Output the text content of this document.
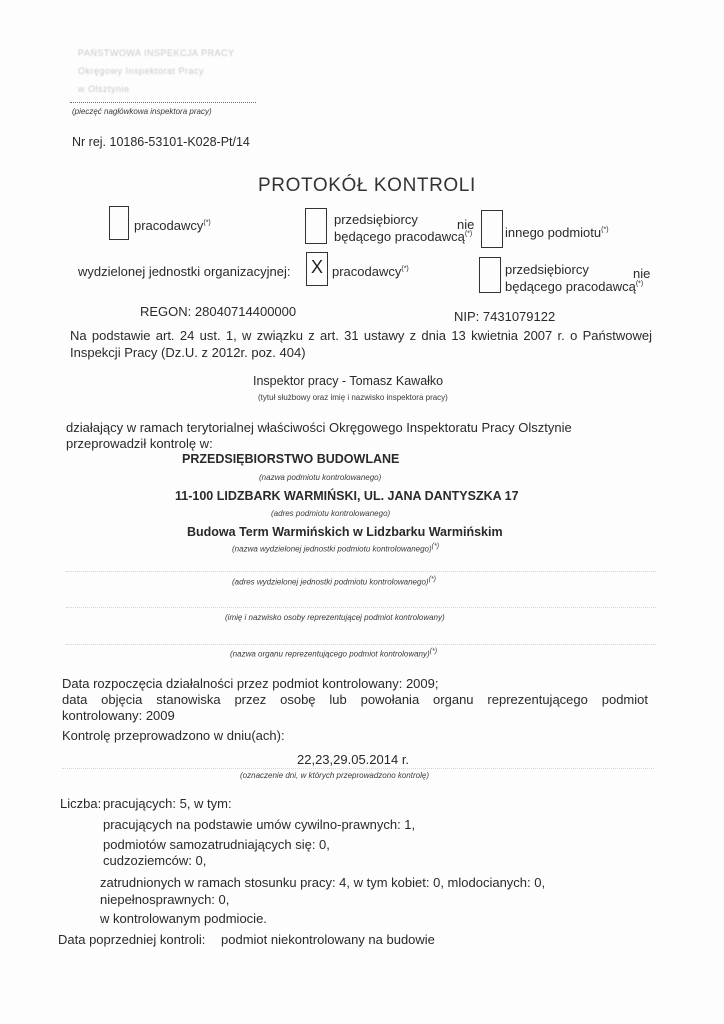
PAŃSTWOWA INSPEKCJA PRACY
Okręgowy Inspektorat Pracy
w Olsztynie
(pieczęć nagłówkowa inspektora pracy)
Nr rej. 10186-53101-K028-Pt/14
PROTOKÓŁ KONTROLI
pracodawcy(*)	przedsiębiorcy	nie
będącego pracodawcą(*)	innego podmiotu(*)
wydzielonej jednostki organizacyjnej: X pracodawcy(*)	przedsiębiorcy	nie
będącego pracodawcą(*)
REGON: 28040714400000	NIP: 7431079122
Na podstawie art. 24 ust. 1, w związku z art. 31 ustawy z dnia 13 kwietnia 2007 r. o Państwowej
Inspekcji Pracy (Dz.U. z 2012r. poz. 404)
Inspektor pracy - Tomasz Kawałko
(tytuł służbowy oraz imię i nazwisko inspektora pracy)
działający w ramach terytorialnej właściwości Okręgowego Inspektoratu Pracy Olsztynie
przeprowadził kontrolę w:
PRZEDSIĘBIORSTWO BUDOWLANE
(nazwa podmiotu kontrolowanego)
11-100 LIDZBARK WARMIŃSKI, UL. JANA DANTYSZKA 17
(adres podmiotu kontrolowanego)
Budowa Term Warmińskich w Lidzbarku Warmińskim
(nazwa wydzielonej jednostki podmiotu kontrolowanego)(*)
(adres wydzielonej jednostki podmiotu kontrolowanego)(*)
(imię i nazwisko osoby reprezentującej podmiot kontrolowany)
(nazwa organu reprezentującego podmiot kontrolowany)(*)
Data rozpoczęcia działalności przez podmiot kontrolowany: 2009;
data objęcia stanowiska przez osobę lub powołania organu reprezentującego podmiot
kontrolowany: 2009
Kontrolę przeprowadzono w dniu(ach):
22,23,29.05.2014 r.
(oznaczenie dni, w których przeprowadzono kontrolę)
Liczba: pracujących: 5, w tym:
pracujących na podstawie umów cywilno-prawnych: 1,
podmiotów samozatrudniających się: 0,
cudzoziemców: 0,
zatrudnionych w ramach stosunku pracy: 4, w tym kobiet: 0, mlodocianych: 0,
niepełnosprawnych: 0,
w kontrolowanym podmiocie.
Data poprzedniej kontroli: podmiot niekontrolowany na budowie
